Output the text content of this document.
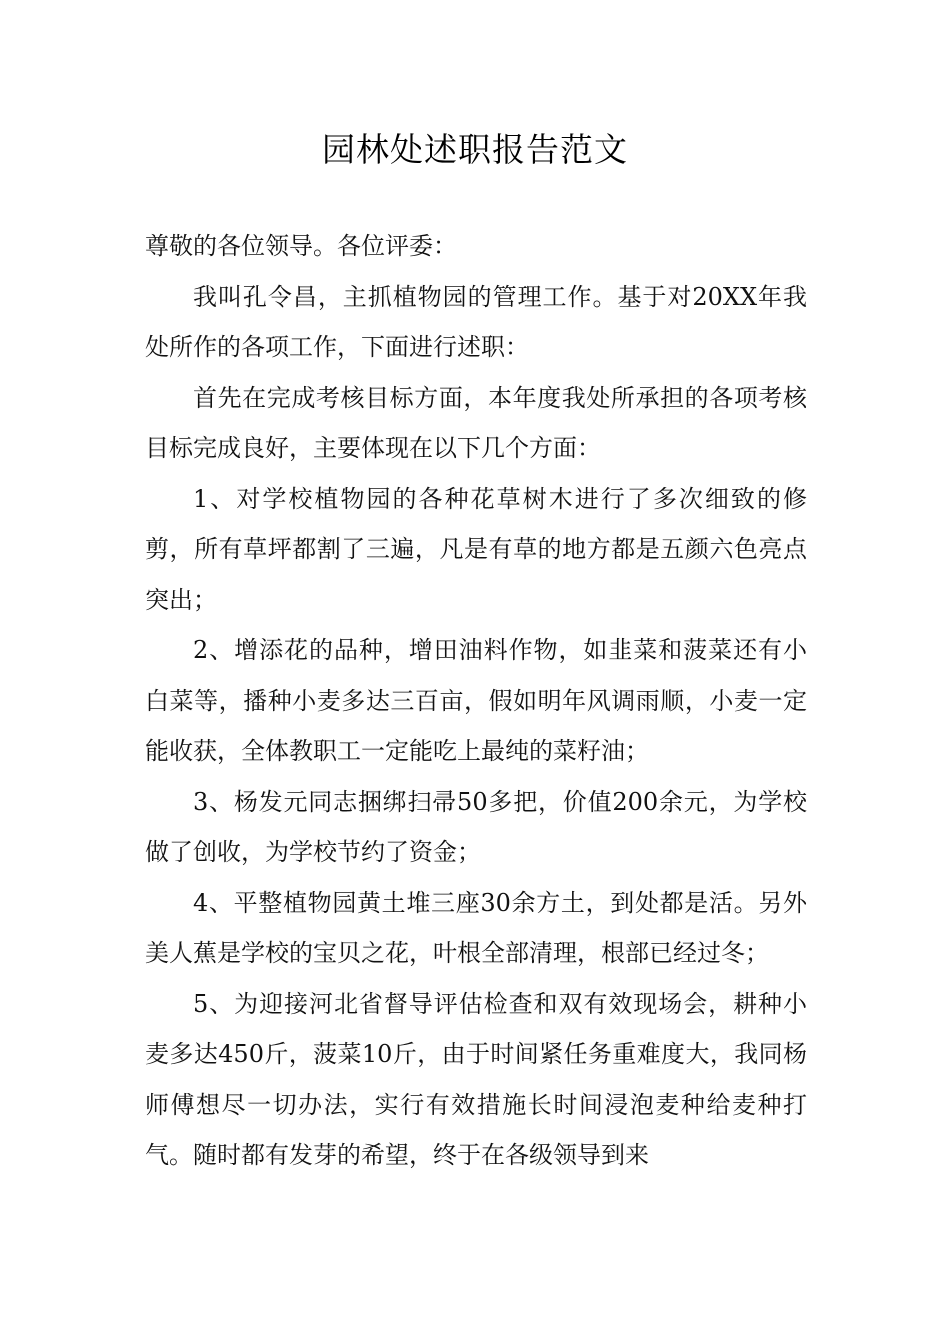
园林处述职报告范文

尊敬的各位领导。各位评委：

我叫孔令昌，主抓植物园的管理工作。基于对20XX年我处所作的各项工作，下面进行述职：

首先在完成考核目标方面，本年度我处所承担的各项考核目标完成良好，主要体现在以下几个方面：

1、对学校植物园的各种花草树木进行了多次细致的修剪，所有草坪都割了三遍，凡是有草的地方都是五颜六色亮点突出；

2、增添花的品种，增田油料作物，如韭菜和菠菜还有小白菜等，播种小麦多达三百亩，假如明年风调雨顺，小麦一定能收获，全体教职工一定能吃上最纯的菜籽油；

3、杨发元同志捆绑扫帚50多把，价值200余元，为学校做了创收，为学校节约了资金；

4、平整植物园黄土堆三座30余方土，到处都是活。另外美人蕉是学校的宝贝之花，叶根全部清理，根部已经过冬；

5、为迎接河北省督导评估检查和双有效现场会，耕种小麦多达450斤，菠菜10斤，由于时间紧任务重难度大，我同杨师傅想尽一切办法，实行有效措施长时间浸泡麦种给麦种打气。随时都有发芽的希望，终于在各级领导到来
